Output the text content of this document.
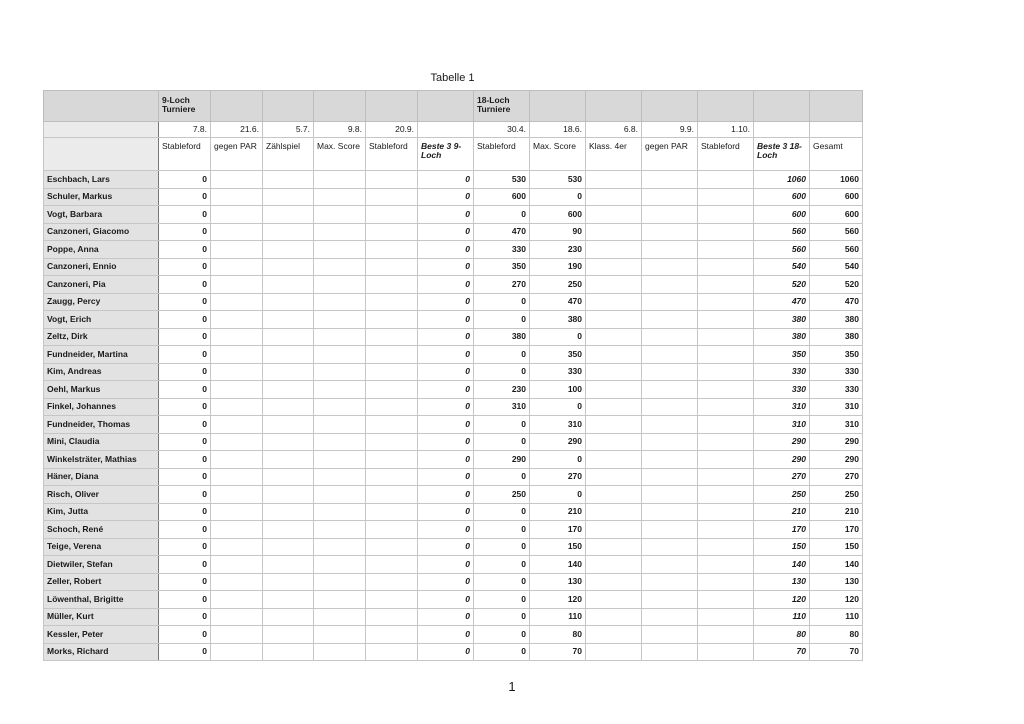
Tabelle 1
	9-Loch Turniere						18-Loch Turniere						
	7.8.	21.6.	5.7.	9.8.	20.9.		30.4.	18.6.	6.8.	9.9.	1.10.		
	Stableford	gegen PAR	Zählspiel	Max. Score	Stableford	Beste 3 9-Loch	Stableford	Max. Score	Klass. 4er	gegen PAR	Stableford	Beste 3 18-Loch	Gesamt
Eschbach, Lars	0					0	530	530				1060	1060
Schuler, Markus	0					0	600	0				600	600
Vogt, Barbara	0					0	0	600				600	600
Canzoneri, Giacomo	0					0	470	90				560	560
Poppe, Anna	0					0	330	230				560	560
Canzoneri, Ennio	0					0	350	190				540	540
Canzoneri, Pia	0					0	270	250				520	520
Zaugg, Percy	0					0	0	470				470	470
Vogt, Erich	0					0	0	380				380	380
Zeltz, Dirk	0					0	380	0				380	380
Fundneider, Martina	0					0	0	350				350	350
Kim, Andreas	0					0	0	330				330	330
Oehl, Markus	0					0	230	100				330	330
Finkel, Johannes	0					0	310	0				310	310
Fundneider, Thomas	0					0	0	310				310	310
Mini, Claudia	0					0	0	290				290	290
Winkelsträter, Mathias	0					0	290	0				290	290
Häner, Diana	0					0	0	270				270	270
Risch, Oliver	0					0	250	0				250	250
Kim, Jutta	0					0	0	210				210	210
Schoch, René	0					0	0	170				170	170
Teige, Verena	0					0	0	150				150	150
Dietwiler, Stefan	0					0	0	140				140	140
Zeller, Robert	0					0	0	130				130	130
Löwenthal, Brigitte	0					0	0	120				120	120
Müller, Kurt	0					0	0	110				110	110
Kessler, Peter	0					0	0	80				80	80
Morks, Richard	0					0	0	70				70	70
1
